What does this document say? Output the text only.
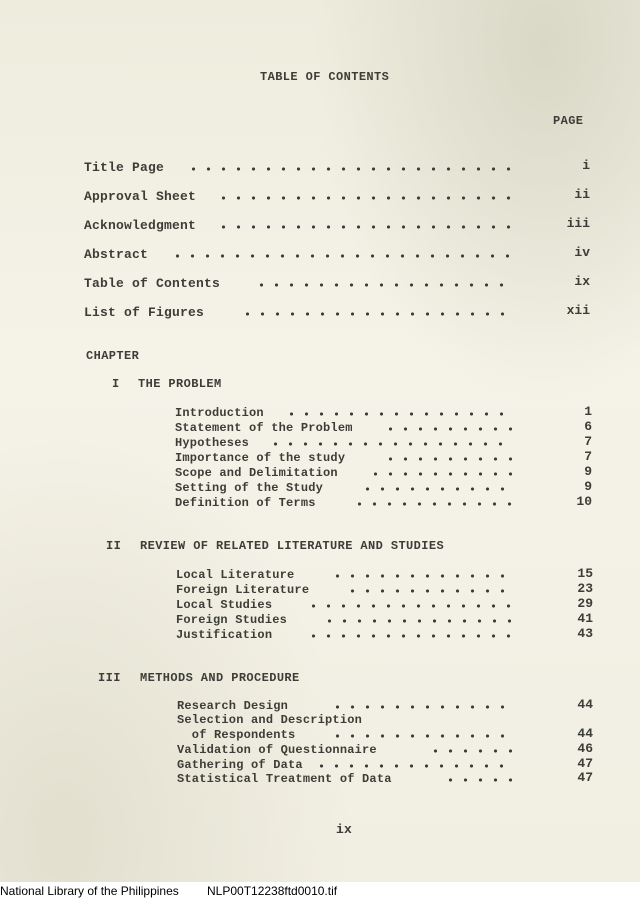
TABLE OF CONTENTS
PAGE
Title Page	i
Approval Sheet	ii
Acknowledgment	iii
Abstract	iv
Table of Contents	ix
List of Figures	xii
CHAPTER
I THE PROBLEM
Introduction	1
Statement of the Problem	6
Hypotheses	7
Importance of the study	7
Scope and Delimitation	9
Setting of the Study	9
Definition of Terms	10
II REVIEW OF RELATED LITERATURE AND STUDIES
Local Literature	15
Foreign Literature	23
Local Studies	29
Foreign Studies	41
Justification	43
III METHODS AND PROCEDURE
Research Design	44
Selection and Description
of Respondents	44
Validation of Questionnaire	46
Gathering of Data	47
Statistical Treatment of Data	47
ix
National Library of the Philippines NLP00T12238ftd0010.tif
